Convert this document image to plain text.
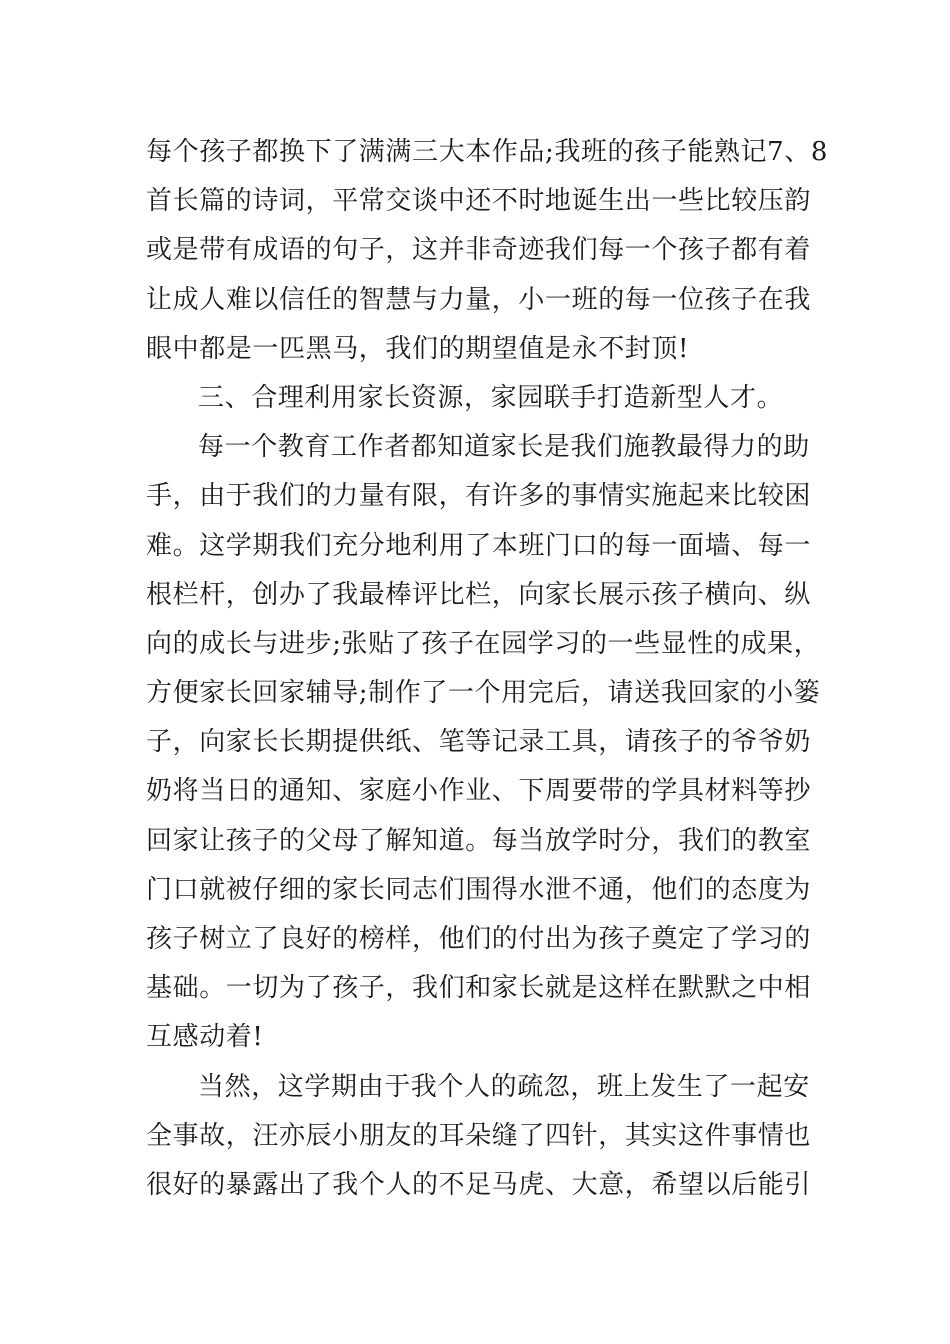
每个孩子都换下了满满三大本作品;我班的孩子能熟记7、8
首长篇的诗词，平常交谈中还不时地诞生出一些比较压韵
或是带有成语的句子，这并非奇迹我们每一个孩子都有着
让成人难以信任的智慧与力量，小一班的每一位孩子在我
眼中都是一匹黑马，我们的期望值是永不封顶!
三、合理利用家长资源，家园联手打造新型人才。
每一个教育工作者都知道家长是我们施教最得力的助
手，由于我们的力量有限，有许多的事情实施起来比较困
难。这学期我们充分地利用了本班门口的每一面墙、每一
根栏杆，创办了我最棒评比栏，向家长展示孩子横向、纵
向的成长与进步;张贴了孩子在园学习的一些显性的成果，
方便家长回家辅导;制作了一个用完后，请送我回家的小篓
子，向家长长期提供纸、笔等记录工具，请孩子的爷爷奶
奶将当日的通知、家庭小作业、下周要带的学具材料等抄
回家让孩子的父母了解知道。每当放学时分，我们的教室
门口就被仔细的家长同志们围得水泄不通，他们的态度为
孩子树立了良好的榜样，他们的付出为孩子奠定了学习的
基础。一切为了孩子，我们和家长就是这样在默默之中相
互感动着!
当然，这学期由于我个人的疏忽，班上发生了一起安
全事故，汪亦辰小朋友的耳朵缝了四针，其实这件事情也
很好的暴露出了我个人的不足马虎、大意，希望以后能引
